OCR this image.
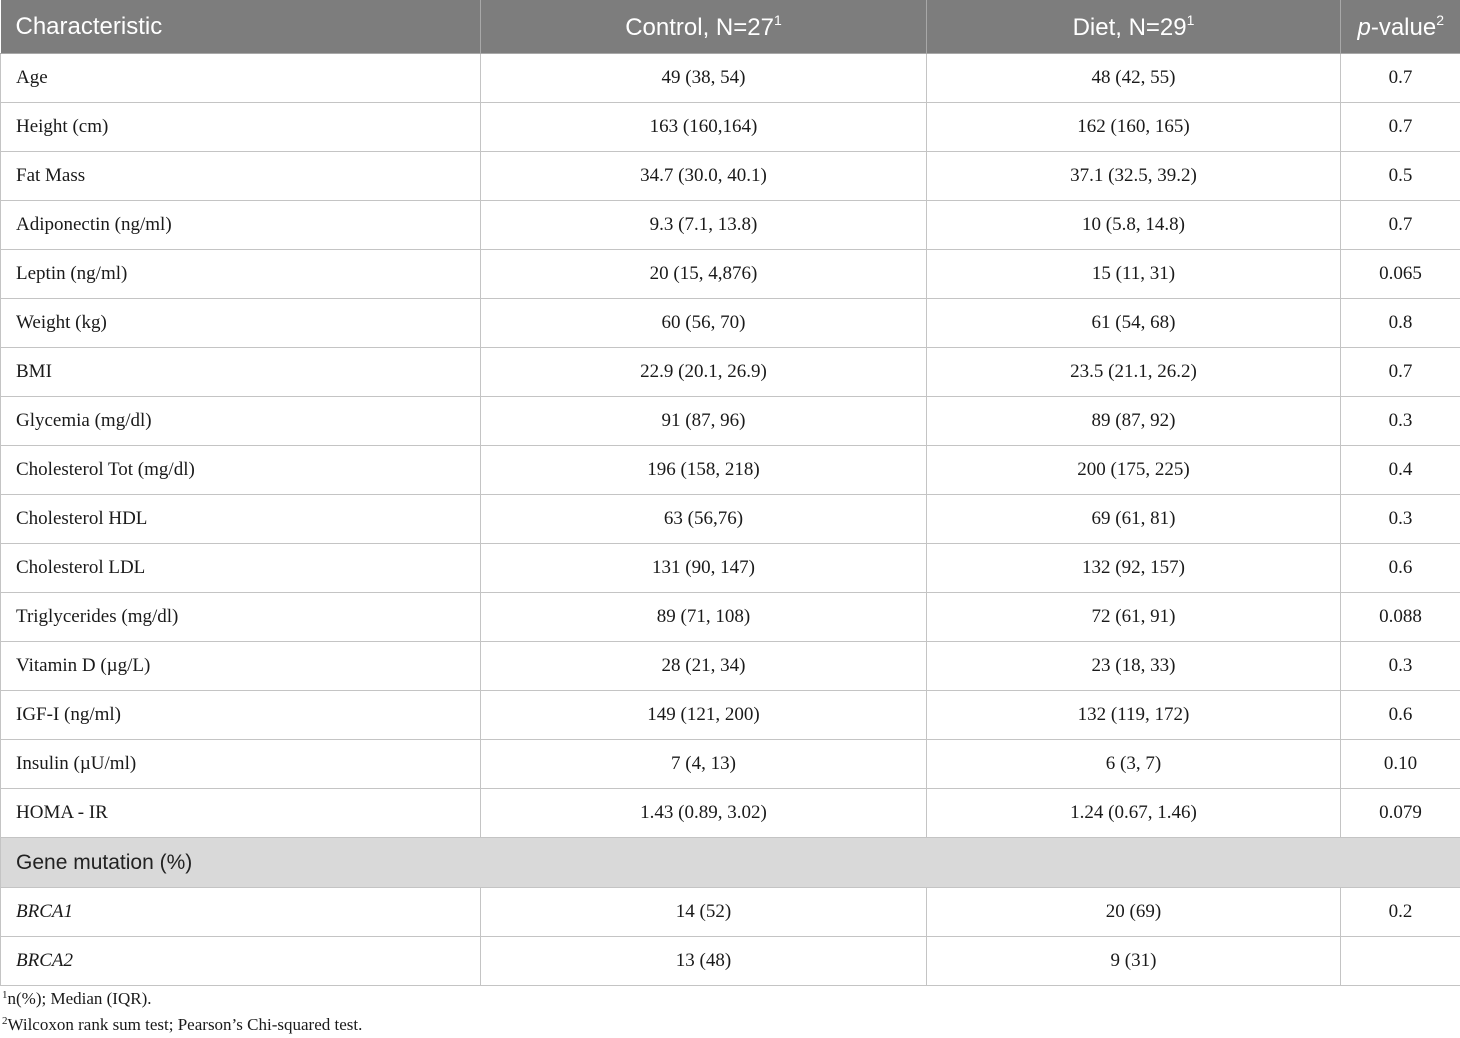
Characteristic	Control, $N=27^1$	Diet, $N=29^1$	p-value$^2$
Age	49 (38, 54)	48 (42, 55)	0.7
Height (cm)	163 (160,164)	162 (160, 165)	0.7
Fat Mass	34.7 (30.0, 40.1)	37.1 (32.5, 39.2)	0.5
Adiponectin (ng/ml)	9.3 (7.1, 13.8)	10 (5.8, 14.8)	0.7
Leptin (ng/ml)	20 (15, 4,876)	15 (11, 31)	0.065
Weight (kg)	60 (56, 70)	61 (54, 68)	0.8
BMI	22.9 (20.1, 26.9)	23.5 (21.1, 26.2)	0.7
Glycemia (mg/dl)	91 (87, 96)	89 (87, 92)	0.3
Cholesterol Tot (mg/dl)	196 (158, 218)	200 (175, 225)	0.4
Cholesterol HDL	63 (56,76)	69 (61, 81)	0.3
Cholesterol LDL	131 (90, 147)	132 (92, 157)	0.6
Triglycerides (mg/dl)	89 (71, 108)	72 (61, 91)	0.088
Vitamin D (µg/L)	28 (21, 34)	23 (18, 33)	0.3
IGF-I (ng/ml)	149 (121, 200)	132 (119, 172)	0.6
Insulin (µU/ml)	7 (4, 13)	6 (3, 7)	0.10
HOMA - IR	1.43 (0.89, 3.02)	1.24 (0.67, 1.46)	0.079
Gene mutation (%)			
BRCA1	14 (52)	20 (69)	0.2
BRCA2	13 (48)	9 (31)	
$^1$n(%); Median (IQR).
$^2$Wilcoxon rank sum test; Pearson’s Chi-squared test.
